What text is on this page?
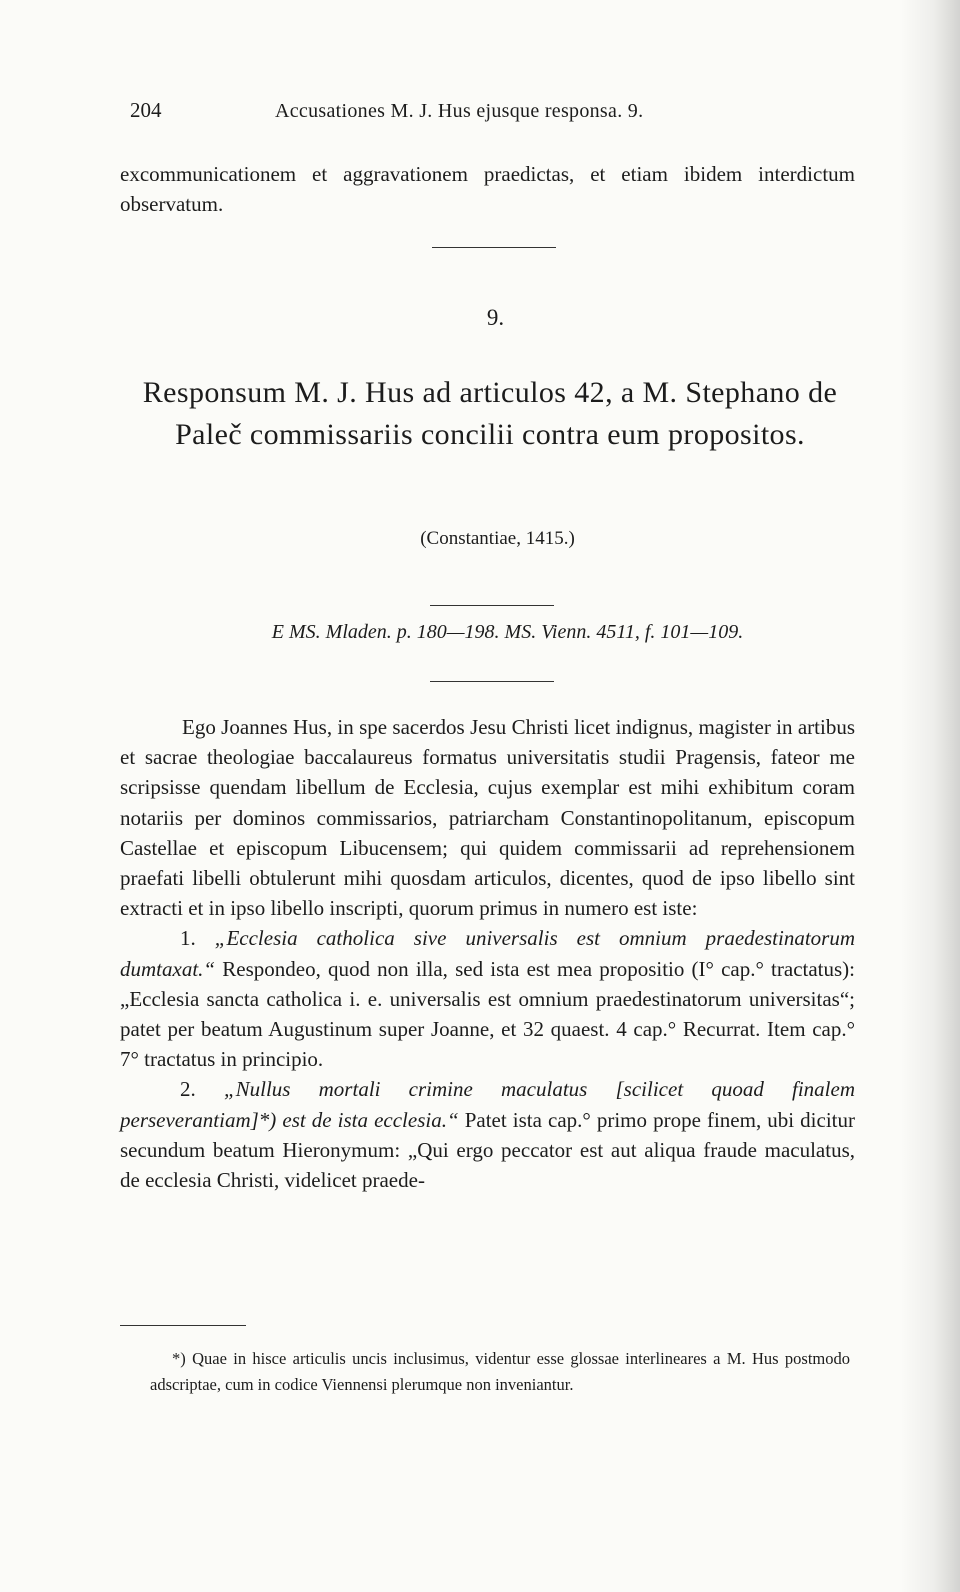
204	Accusationes M. J. Hus ejusque responsa. 9.
excommunicationem et aggravationem praedictas, et etiam ibidem interdictum observatum.
9.
Responsum M. J. Hus ad articulos 42, a M. Stephano de Paleč commissariis concilii contra eum propositos.
(Constantiae, 1415.)
E MS. Mladen. p. 180—198. MS. Vienn. 4511, f. 101—109.

Ego Joannes Hus, in spe sacerdos Jesu Christi licet indignus, magister in artibus et sacrae theologiae baccalaureus formatus universitatis studii Pragensis, fateor me scripsisse quendam libellum de Ecclesia, cujus exemplar est mihi exhibitum coram notariis per dominos commissarios, patriarcham Constantinopolitanum, episcopum Castellae et episcopum Libucensem; qui quidem commissarii ad reprehensionem praefati libelli obtulerunt mihi quosdam articulos, dicentes, quod de ipso libello sint extracti et in ipso libello inscripti, quorum primus in numero est iste:

1. „Ecclesia catholica sive universalis est omnium praedestinatorum dumtaxat.“ Respondeo, quod non illa, sed ista est mea propositio (I° cap.° tractatus): „Ecclesia sancta catholica i. e. universalis est omnium praedestinatorum universitas“; patet per beatum Augustinum super Joanne, et 32 quaest. 4 cap.° Recurrat. Item cap.° 7° tractatus in principio.

2. „Nullus mortali crimine maculatus [scilicet quoad finalem perseverantiam]*) est de ista ecclesia.“ Patet ista cap.° primo prope finem, ubi dicitur secundum beatum Hieronymum: „Qui ergo peccator est aut aliqua fraude maculatus, de ecclesia Christi, videlicet praede-

*) Quae in hisce articulis uncis inclusimus, videntur esse glossae interlineares a M. Hus postmodo adscriptae, cum in codice Viennensi plerumque non inveniantur.
